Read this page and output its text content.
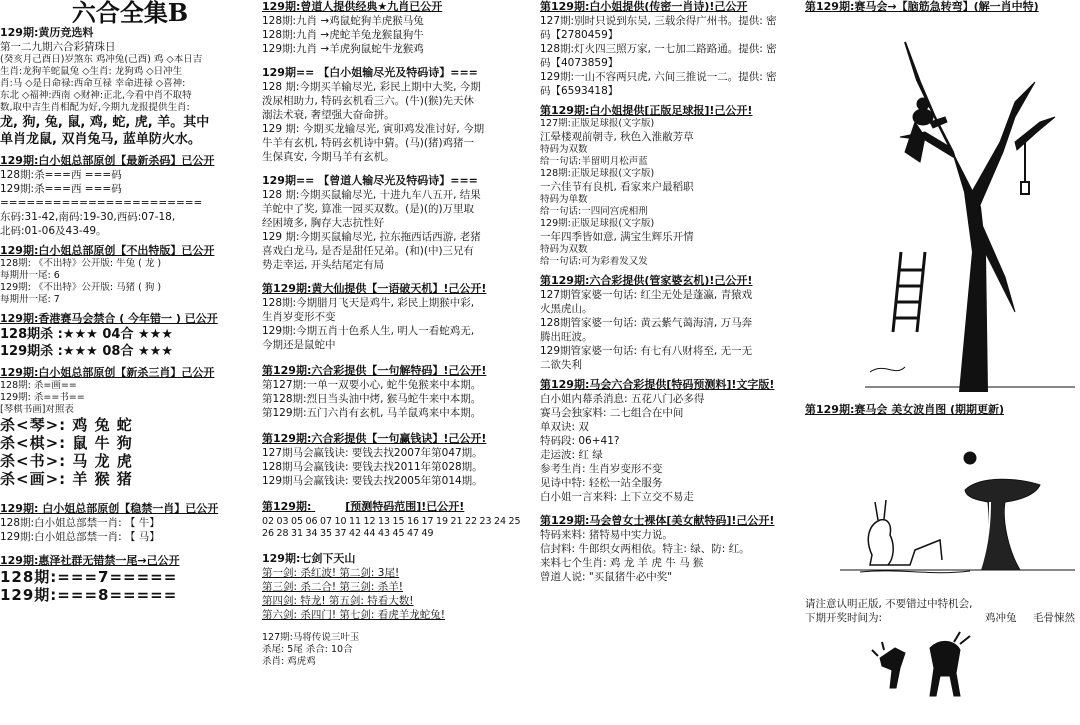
六合全集B
129期:黄历竞选料
第一二九期六合彩猜珠日
(癸亥月己酉日)岁煞东 鸡冲兔(己酉) 鸡 ◇本日吉
生肖:龙狗羊蛇鼠兔 ◇生肖: 龙狗鸡 ◇日冲生
肖:马 ◇是日命禄:西命互禄 幸命进禄 ◇喜神:
东北 ◇福神:西南 ◇财神:正北,今看中肖不取特
数,取中吉生肖相配为好,今期九龙报提供生肖:
龙, 狗, 兔, 鼠, 鸡, 蛇, 虎, 羊。其中
单肖龙鼠, 双肖兔马, 蓝单防火水。
129期:白小姐总部原创【最新杀码】已公开
128期:杀===西 ===码
129期:杀===西 ===码
=======================
东码:31-42,南码:19-30,西码:07-18,
北码:01-06及43-49。
129期:白小姐总部原创【不出特版】已公开
128期: 《不出特》公开版: 牛兔 ( 龙 )
每期卅一尾: 6
129期: 《不出特》公开版: 马猪 ( 狗 )
每期卅一尾: 7
129期:香港赛马会禁合 ( 今年错一 ) 已公开
128期杀 :★★★ 04合 ★★★
129期杀 :★★★ 08合 ★★★
129期:白小姐总部原创【新杀三肖】己公开
128期: 杀=画==
129期: 杀==书==
[琴棋书画]对照表
杀<琴>: 鸡 兔 蛇
杀<棋>: 鼠 牛 狗
杀<书>: 马 龙 虎
杀<画>: 羊 猴 猪
129期: 白小姐总部原创【稳禁一肖】已公开
128期:白小姐总部禁一肖: 【 牛】
129期:白小姐总部禁一肖: 【 马】
129期:惠泽社群无错禁一尾→己公开
128期:===7=====
129期:===8=====
129期:曾道人提供经典★九肖已公开
128期:九肖 →鸡鼠蛇狗羊虎猴马兔
128期:九肖 →虎蛇羊兔龙猴鼠狗牛
129期:九肖 →羊虎狗鼠蛇牛龙猴鸡
129期== 【白小姐输尽光及特码诗】===
128 期:今期买羊输尽光, 彩民上期中大奖, 今期
泼尿相助力, 特码玄机看三六。(牛)(猴)先天休
溺法术衰, 奢望强大奋命拼。
129 期: 今期买龙输尽光, 寅卯鸡发准讨好, 今期
牛羊有玄机, 特码玄机诗中猜。(马)(猪)鸡猪一
生保真安, 今期马羊有玄机。
129期== 【曾道人输尽光及特码诗】===
128 期:今期买鼠输尽光, 十进九车八五开, 结果
羊蛇中了奖, 算准一园买双数。(是)(的)万里取
经困境多, 胸存大志抗性好
129 期:今期买鼠输尽光, 拉东拖西话西游, 老猪
喜戏白龙马, 是否是甜任兄弟。(和)(中)三兄有
势走幸运, 开头结尾定有局
第129期:黄大仙提供【一语破天机】!己公开!
128期:今期腊月飞天是鸡牛, 彩民上期猴中彩,
生肖岁变形不变
129期:今期五肖十色系人生, 明人一看蛇鸡无,
今期还是鼠蛇中
第129期:六合彩提供【一句解特码】!己公开!
第127期:一单一双要小心, 蛇牛兔猴来中本期。
第128期:烈日当头油中烤, 猴马蛇牛来中本期。
第129期:五门六肖有玄机, 马羊鼠鸡来中本期。
第129期:六合彩提供【一句赢钱诀】!己公开!
127期马会赢钱诀: 要钱去找2007年第047期。
128期马会赢钱诀: 要钱去找2011年第028期。
129期马会赢钱诀: 要钱去找2005年第014期。
第129期:	[预测特码范围]!已公开!
02 03 05 06 07 10 11 12 13 15 16 17 19 21 22 23 24 2526 28 31 34 35 37 42 44 43 45 47 49
129期:七剑下天山
第一剑: 杀红波! 第二剑: 3尾!
第三剑: 杀二合! 第三剑: 杀羊!
第四剑: 特龙! 第五剑: 特看大数!
第六剑: 杀四门! 第七剑: 看虎羊龙蛇兔!
127期:马将传说三叶玉
杀尾: 5尾 杀合: 10合
杀肖: 鸡虎鸡
第129期:白小姐提供(传密一肖诗)!己公开
127期:别时只说到东吴, 三载余得广州书。提供: 密
码【2780459】
128期:灯火四三照万家, 一七加二路路通。提供: 密
码【4073859】
129期:一山不容两只虎, 六间三推说一二。提供: 密
码【6593418】
第129期:白小姐提供[正版足球报]!己公开!
127期:正版足球报(文字版)
江晕楼观前朝寺, 秋色入淮敝芳草
特码为双数
给一句话:半留明月松声蓝
128期:正版足球报(文字版)
一六佳节有良机, 看家来户最稻职
特码为单数
给一句话:一四同宫虎相刑
129期:正版足球报(文字版)
一年四季皆如意, 满宝生辉乐开情
特码为双数
给一句话:可为彩着发又发
第129期:六合彩提供(管家婆玄机)!己公开!
127期管家婆一句话: 红尘无处是蓬瀛, 青猿戏
火黑虎山。
128期管家婆一句话: 黄云紫气蔼海清, 万马奔
腾出旺波。
129期管家婆一句话: 有七有八财将至, 无一无
二欲失利
第129期:马会六合彩提供[特码预测料]!文字版!
白小姐内幕杀消息: 五花八门必多得
赛马会独家料: 二七组合在中间
单双诀: 双
特码段: 06+41?
走运波: 红 绿
参考生肖: 生肖岁变形不变
见诗中特: 轻松一站全服务
白小姐一言来料: 上下立交不易走
第129期:马会曾女士裸体[美女献特码]!己公开!
特码来料: 猪特易中实力说。
信封料: 牛郎织女两相依。特主: 绿、防: 红。
来料七个生肖: 鸡 龙 羊 虎 牛 马 猴
曾道人说: "买鼠猪牛必中奖"
第129期:赛马会→【脑筋急转弯】(解一肖中特)
第129期:赛马会 美女波肖图 (期期更新)
请注意认明正版, 不要错过中特机会,
下期开奖时间为:	鸡冲兔 毛骨悚然
